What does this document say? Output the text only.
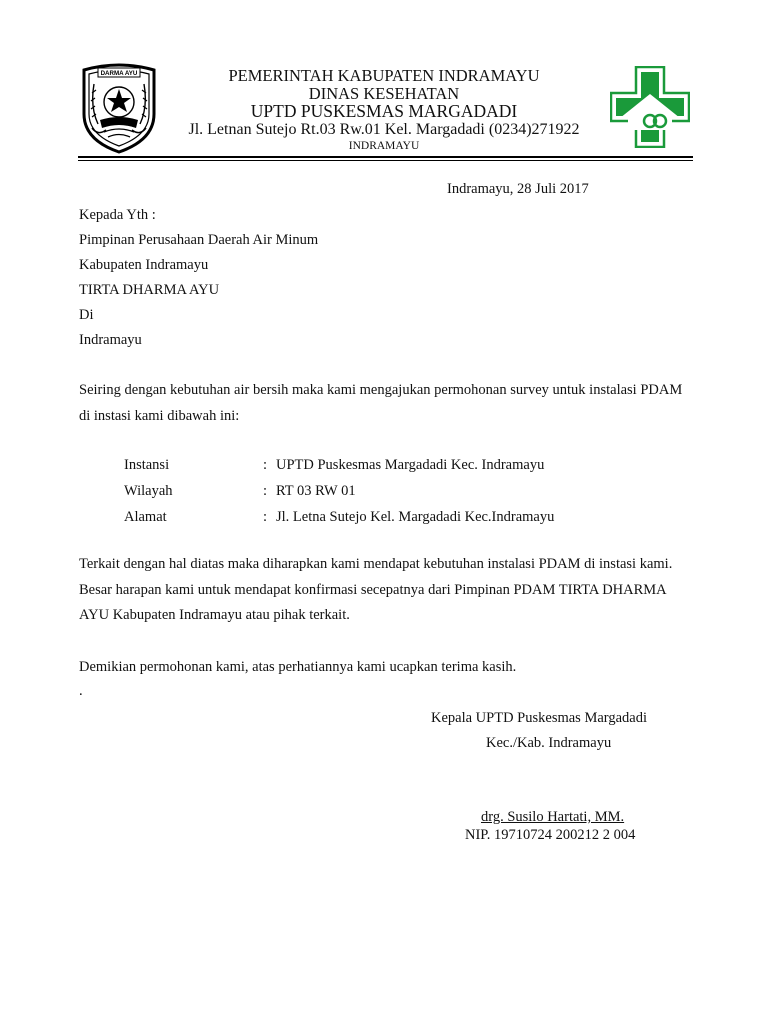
DARMA AYU	PEMERINTAH KABUPATEN INDRAMAYU
DINAS KESEHATAN
UPTD PUSKESMAS MARGADADI
Jl. Letnan Sutejo Rt.03 Rw.01 Kel. Margadadi (0234)271922
INDRAMAYU
Indramayu, 28 Juli 2017
Kepada Yth :
Pimpinan Perusahaan Daerah Air Minum
Kabupaten Indramayu
TIRTA DHARMA AYU
Di
Indramayu

Seiring dengan kebutuhan air bersih maka kami mengajukan permohonan survey untuk instalasi PDAM di instasi kami dibawah ini:

Instansi	: UPTD Puskesmas Margadadi Kec. Indramayu
Wilayah	: RT 03 RW 01
Alamat	: Jl. Letna Sutejo Kel. Margadadi Kec.Indramayu

Terkait dengan hal diatas maka diharapkan kami mendapat kebutuhan instalasi PDAM di instasi kami. Besar harapan kami untuk mendapat konfirmasi secepatnya dari Pimpinan PDAM TIRTA DHARMA AYU Kabupaten Indramayu atau pihak terkait.

Demikian permohonan kami, atas perhatiannya kami ucapkan terima kasih.
.
Kepala UPTD Puskesmas Margadadi
Kec./Kab. Indramayu
drg. Susilo Hartati, MM.
NIP. 19710724 200212 2 004
